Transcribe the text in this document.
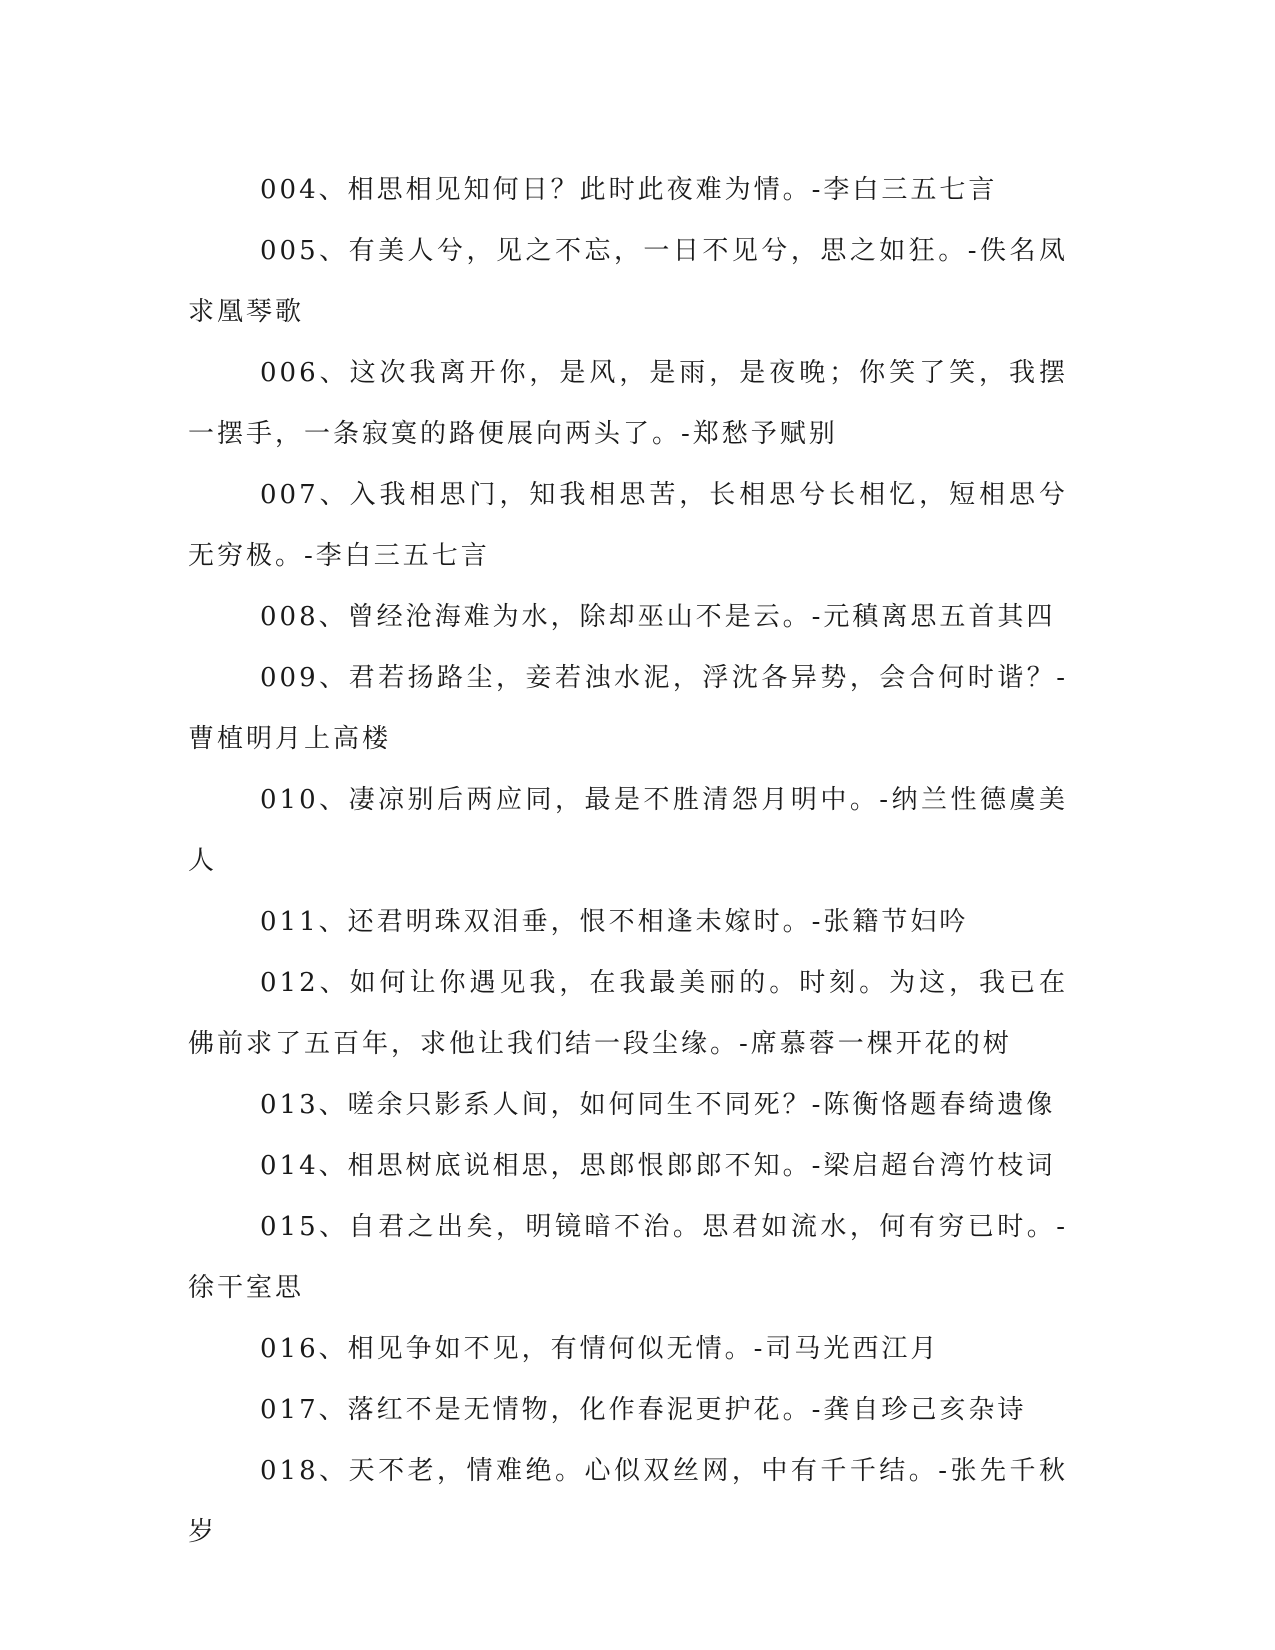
004、相思相见知何日？此时此夜难为情。-李白三五七言

005、有美人兮，见之不忘，一日不见兮，思之如狂。-佚名凤求凰琴歌

006、这次我离开你，是风，是雨，是夜晚；你笑了笑，我摆一摆手，一条寂寞的路便展向两头了。-郑愁予赋别

007、入我相思门，知我相思苦，长相思兮长相忆，短相思兮无穷极。-李白三五七言

008、曾经沧海难为水，除却巫山不是云。-元稹离思五首其四

009、君若扬路尘，妾若浊水泥，浮沈各异势，会合何时谐？-曹植明月上高楼

010、凄凉别后两应同，最是不胜清怨月明中。-纳兰性德虞美人

011、还君明珠双泪垂，恨不相逢未嫁时。-张籍节妇吟

012、如何让你遇见我，在我最美丽的。时刻。为这，我已在佛前求了五百年，求他让我们结一段尘缘。-席慕蓉一棵开花的树

013、嗟余只影系人间，如何同生不同死？-陈衡恪题春绮遗像

014、相思树底说相思，思郎恨郎郎不知。-梁启超台湾竹枝词

015、自君之出矣，明镜暗不治。思君如流水，何有穷已时。-徐干室思

016、相见争如不见，有情何似无情。-司马光西江月

017、落红不是无情物，化作春泥更护花。-龚自珍己亥杂诗

018、天不老，情难绝。心似双丝网，中有千千结。-张先千秋岁
